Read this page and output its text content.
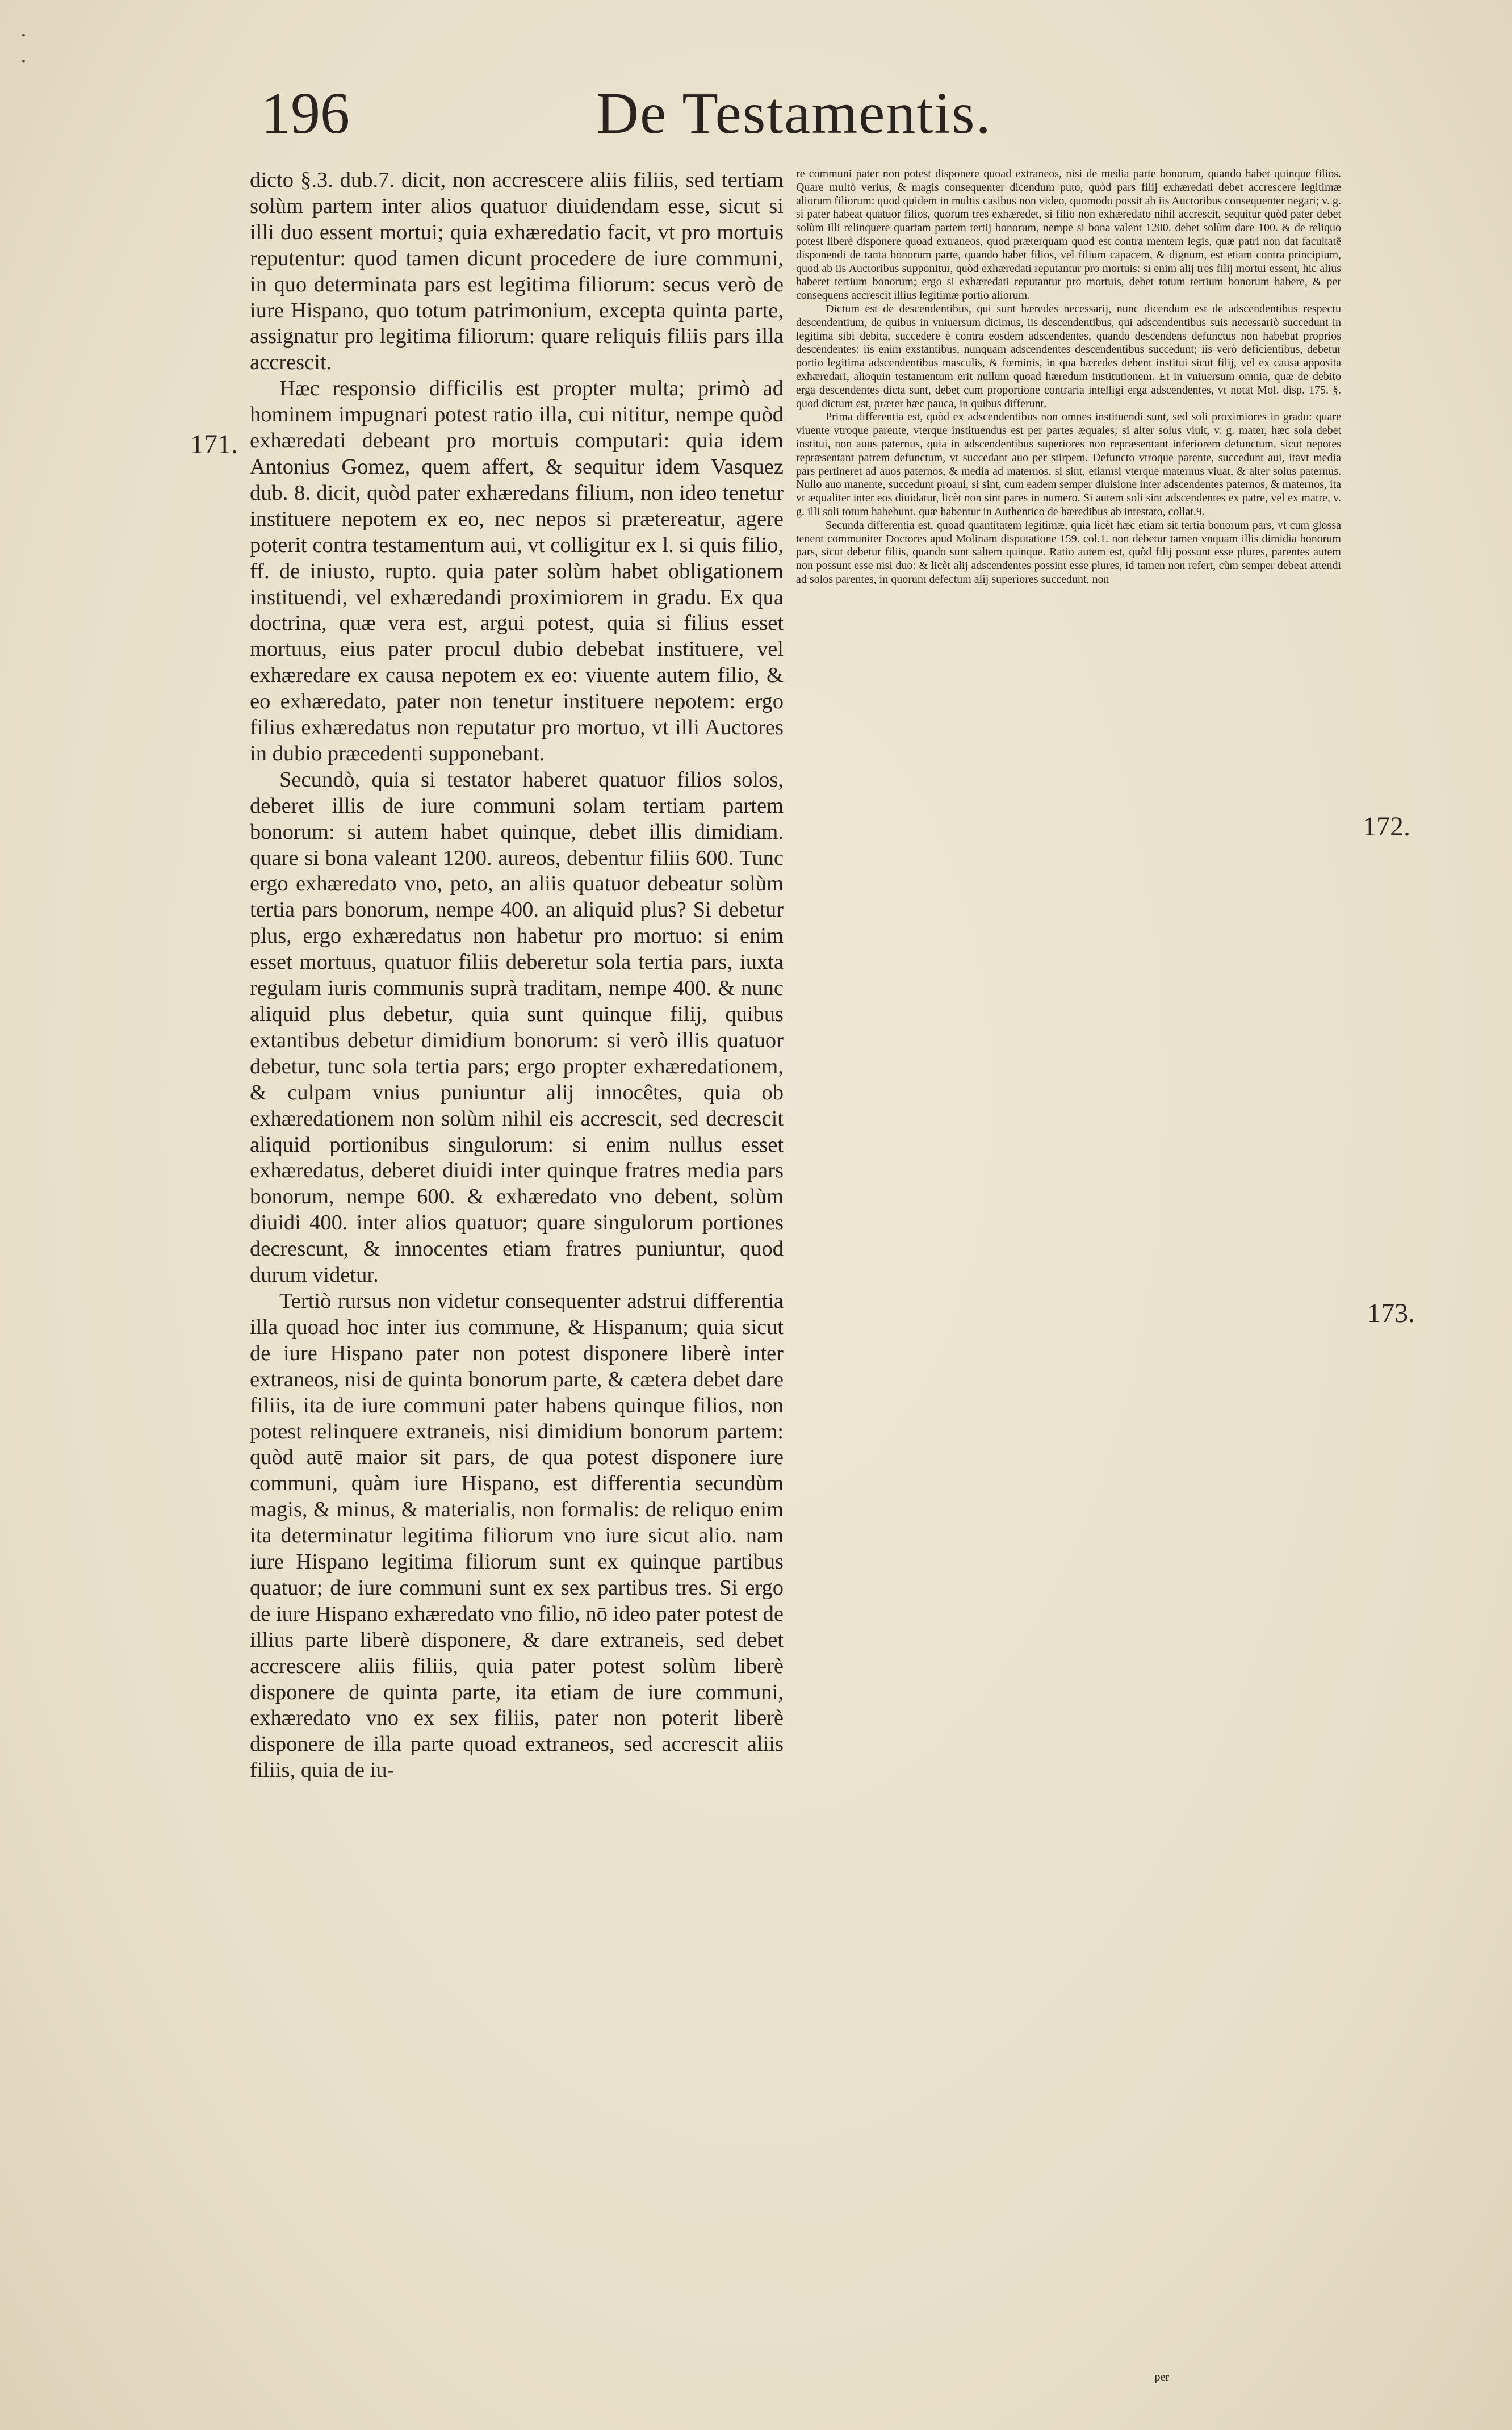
·
·
196	De Testamentis.
171.
172.
173.

dicto §.3. dub.7. dicit, non accrescere aliis filiis, sed tertiam solùm partem inter alios quatuor diuidendam esse, sicut si illi duo essent mortui; quia exhæredatio facit, vt pro mortuis reputentur: quod tamen dicunt procedere de iure communi, in quo determinata pars est legitima filiorum: secus verò de iure Hispano, quo totum patrimonium, excepta quinta parte, assignatur pro legitima filiorum: quare reliquis filiis pars illa accrescit.

Hæc responsio difficilis est propter multa; primò ad hominem impugnari potest ratio illa, cui nititur, nempe quòd exhæredati debeant pro mortuis computari: quia idem Antonius Gomez, quem affert, & sequitur idem Vasquez dub. 8. dicit, quòd pater exhæredans filium, non ideo tenetur instituere nepotem ex eo, nec nepos si prætereatur, agere poterit contra testamentum aui, vt colligitur ex l. si quis filio, ff. de iniusto, rupto. quia pater solùm habet obligationem instituendi, vel exhæredandi proximiorem in gradu. Ex qua doctrina, quæ vera est, argui potest, quia si filius esset mortuus, eius pater procul dubio debebat instituere, vel exhæredare ex causa nepotem ex eo: viuente autem filio, & eo exhæredato, pater non tenetur instituere nepotem: ergo filius exhæredatus non reputatur pro mortuo, vt illi Auctores in dubio præcedenti supponebant.

Secundò, quia si testator haberet quatuor filios solos, deberet illis de iure communi solam tertiam partem bonorum: si autem habet quinque, debet illis dimidiam. quare si bona valeant 1200. aureos, debentur filiis 600. Tunc ergo exhæredato vno, peto, an aliis quatuor debeatur solùm tertia pars bonorum, nempe 400. an aliquid plus? Si debetur plus, ergo exhæredatus non habetur pro mortuo: si enim esset mortuus, quatuor filiis deberetur sola tertia pars, iuxta regulam iuris communis suprà traditam, nempe 400. & nunc aliquid plus debetur, quia sunt quinque filij, quibus extantibus debetur dimidium bonorum: si verò illis quatuor debetur, tunc sola tertia pars; ergo propter exhæredationem, & culpam vnius puniuntur alij innocêtes, quia ob exhæredationem non solùm nihil eis accrescit, sed decrescit aliquid portionibus singulorum: si enim nullus esset exhæredatus, deberet diuidi inter quinque fratres media pars bonorum, nempe 600. & exhæredato vno debent, solùm diuidi 400. inter alios quatuor; quare singulorum portiones decrescunt, & innocentes etiam fratres puniuntur, quod durum videtur.

Tertiò rursus non videtur consequenter adstrui differentia illa quoad hoc inter ius commune, & Hispanum; quia sicut de iure Hispano pater non potest disponere liberè inter extraneos, nisi de quinta bonorum parte, & cætera debet dare filiis, ita de iure communi pater habens quinque filios, non potest relinquere extraneis, nisi dimidium bonorum partem: quòd autē maior sit pars, de qua potest disponere iure communi, quàm iure Hispano, est differentia secundùm magis, & minus, & materialis, non formalis: de reliquo enim ita determinatur legitima filiorum vno iure sicut alio. nam iure Hispano legitima filiorum sunt ex quinque partibus quatuor; de iure communi sunt ex sex partibus tres. Si ergo de iure Hispano exhæredato vno filio, nō ideo pater potest de illius parte liberè disponere, & dare extraneis, sed debet accrescere aliis filiis, quia pater potest solùm liberè disponere de quinta parte, ita etiam de iure communi, exhæredato vno ex sex filiis, pater non poterit liberè disponere de illa parte quoad extraneos, sed accrescit aliis filiis, quia de iu-

re communi pater non potest disponere quoad extraneos, nisi de media parte bonorum, quando habet quinque filios. Quare multò verius, & magis consequenter dicendum puto, quòd pars filij exhæredati debet accrescere legitimæ aliorum filiorum: quod quidem in multis casibus non video, quomodo possit ab iis Auctoribus consequenter negari; v. g. si pater habeat quatuor filios, quorum tres exhæredet, si filio non exhæredato nihil accrescit, sequitur quòd pater debet solùm illi relinquere quartam partem tertij bonorum, nempe si bona valent 1200. debet solùm dare 100. & de reliquo potest liberè disponere quoad extraneos, quod præterquam quod est contra mentem legis, quæ patri non dat facultatē disponendi de tanta bonorum parte, quando habet filios, vel filium capacem, & dignum, est etiam contra principium, quod ab iis Auctoribus supponitur, quòd exhæredati reputantur pro mortuis: si enim alij tres filij mortui essent, hic alius haberet tertium bonorum; ergo si exhæredati reputantur pro mortuis, debet totum tertium bonorum habere, & per consequens accrescit illius legitimæ portio aliorum.

Dictum est de descendentibus, qui sunt hæredes necessarij, nunc dicendum est de adscendentibus respectu descendentium, de quibus in vniuersum dicimus, iis descendentibus, qui adscendentibus suis necessariò succedunt in legitima sibi debita, succedere è contra eosdem adscendentes, quando descendens defunctus non habebat proprios descendentes: iis enim exstantibus, nunquam adscendentes descendentibus succedunt; iis verò deficientibus, debetur portio legitima adscendentibus masculis, & fœminis, in qua hæredes debent institui sicut filij, vel ex causa apposita exhæredari, alioquin testamentum erit nullum quoad hæredum institutionem. Et in vniuersum omnia, quæ de debito erga descendentes dicta sunt, debet cum proportione contraria intelligi erga adscendentes, vt notat Mol. disp. 175. §. quod dictum est, præter hæc pauca, in quibus differunt.

Prima differentia est, quòd ex adscendentibus non omnes instituendi sunt, sed soli proximiores in gradu: quare viuente vtroque parente, vterque instituendus est per partes æquales; si alter solus viuit, v. g. mater, hæc sola debet institui, non auus paternus, quia in adscendentibus superiores non repræsentant inferiorem defunctum, sicut nepotes repræsentant patrem defunctum, vt succedant auo per stirpem. Defuncto vtroque parente, succedunt aui, itavt media pars pertineret ad auos paternos, & media ad maternos, si sint, etiamsi vterque maternus viuat, & alter solus paternus. Nullo auo manente, succedunt proaui, si sint, cum eadem semper diuisione inter adscendentes paternos, & maternos, ita vt æqualiter inter eos diuidatur, licèt non sint pares in numero. Si autem soli sint adscendentes ex patre, vel ex matre, v. g. illi soli totum habebunt. quæ habentur in Authentico de hæredibus ab intestato, collat.9.

Secunda differentia est, quoad quantitatem legitimæ, quia licèt hæc etiam sit tertia bonorum pars, vt cum glossa tenent communiter Doctores apud Molinam disputatione 159. col.1. non debetur tamen vnquam illis dimidia bonorum pars, sicut debetur filiis, quando sunt saltem quinque. Ratio autem est, quòd filij possunt esse plures, parentes autem non possunt esse nisi duo: & licèt alij adscendentes possint esse plures, id tamen non refert, cùm semper debeat attendi ad solos parentes, in quorum defectum alij superiores succedunt, non

per
